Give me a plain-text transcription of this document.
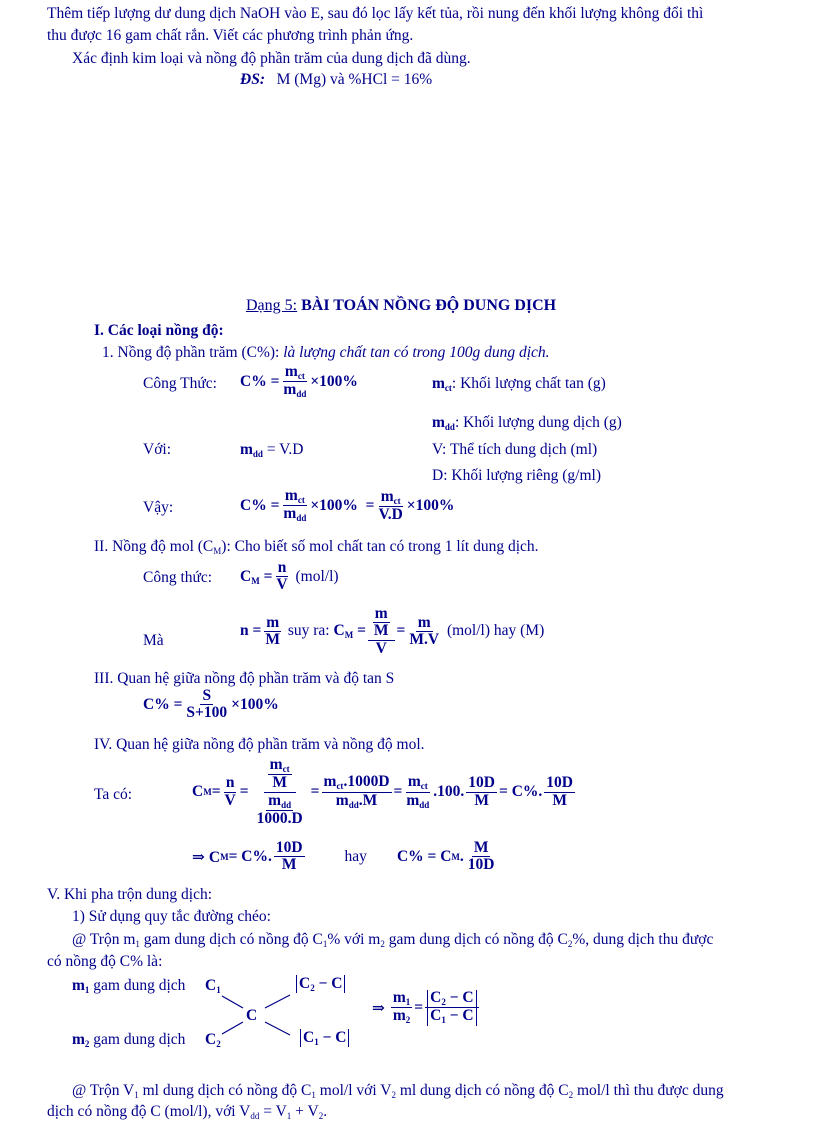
Thêm tiếp lượng dư dung dịch NaOH vào E, sau đó lọc lấy kết tủa, rồi nung đến khối lượng không đổi thì
thu được 16 gam chất rắn. Viết các phương trình phản ứng.
Xác định kim loại và nồng độ phần trăm của dung dịch đã dùng.
ĐS: M (Mg) và %HCl = 16%
Dạng 5: BÀI TOÁN NỒNG ĐỘ DUNG DỊCH
I. Các loại nồng độ:
1. Nồng độ phần trăm (C%): là lượng chất tan có trong 100g dung dịch.
Công Thức: $C\% = \frac{m_{ct}}{m_{dd}} \times 100\%$	$m_{ct}$: Khối lượng chất tan (g)
$m_{dd}$: Khối lượng dung dịch (g)
Với:	$m_{dd} = V.D$	V: Thể tích dung dịch (ml)
D: Khối lượng riêng (g/ml)
Vậy:	$C\% = \frac{m_{ct}}{m_{dd}} \times 100\% = \frac{m_{ct}}{V.D} \times 100\%$
II. Nồng độ mol $(C_M)$: Cho biết số mol chất tan có trong 1 lít dung dịch.
Công thức: $C_M = \frac{n}{V}$
(mol/l)
Mà
$n = \frac{m}{M}$
suy ra:
$C_M = \frac{\frac{m}{M}}{V} = \frac{m}{M.V}$
(mol/l) hay (M)
III. Quan hệ giữa nồng độ phần trăm và độ tan S
$C\% = \frac{S}{S+100} \times 100\%$
IV. Quan hệ giữa nồng độ phần trăm và nồng độ mol.
Ta có:	C $M = \frac{n}{V} = \frac{\frac{m_{ct}}{M}}{\frac{m_{dd}}{1000.D}} = \frac{m_{ct}.1000D}{m_{dd}.M} = \frac{m_{ct}}{m_{dd}} .100$. $\frac{10D}{M} = C\%$. $\frac{10D}{M}$
⇒ C M = C%. $\frac{10D}{M}$	hay C% = C M . $\frac{M}{10D}$
V. Khi pha trộn dung dịch:
1) Sử dụng quy tắc đường chéo:
@ Trộn $m_1$ gam dung dịch có nồng độ $C_1\%$ với $m_2$ gam dung dịch có nồng độ $C_2\%$, dung dịch thu được
có nồng độ C% là:
$m_1$ gam dung dịch $C_1$	$C_2 - C$
C
$m_2$ gam dung dịch $C_2$	$C_1 - C$
⇒ $\frac{m_1}{m_2} = \frac{C_2 - C}{C_1 - C}$
@ Trộn $V_1$ ml dung dịch có nồng độ $C_1$ mol/l với $V_2$ ml dung dịch có nồng độ $C_2$ mol/l thì thu được dung
dịch có nồng độ C (mol/l), với $V_{dd} = V_1 + V_2$.
